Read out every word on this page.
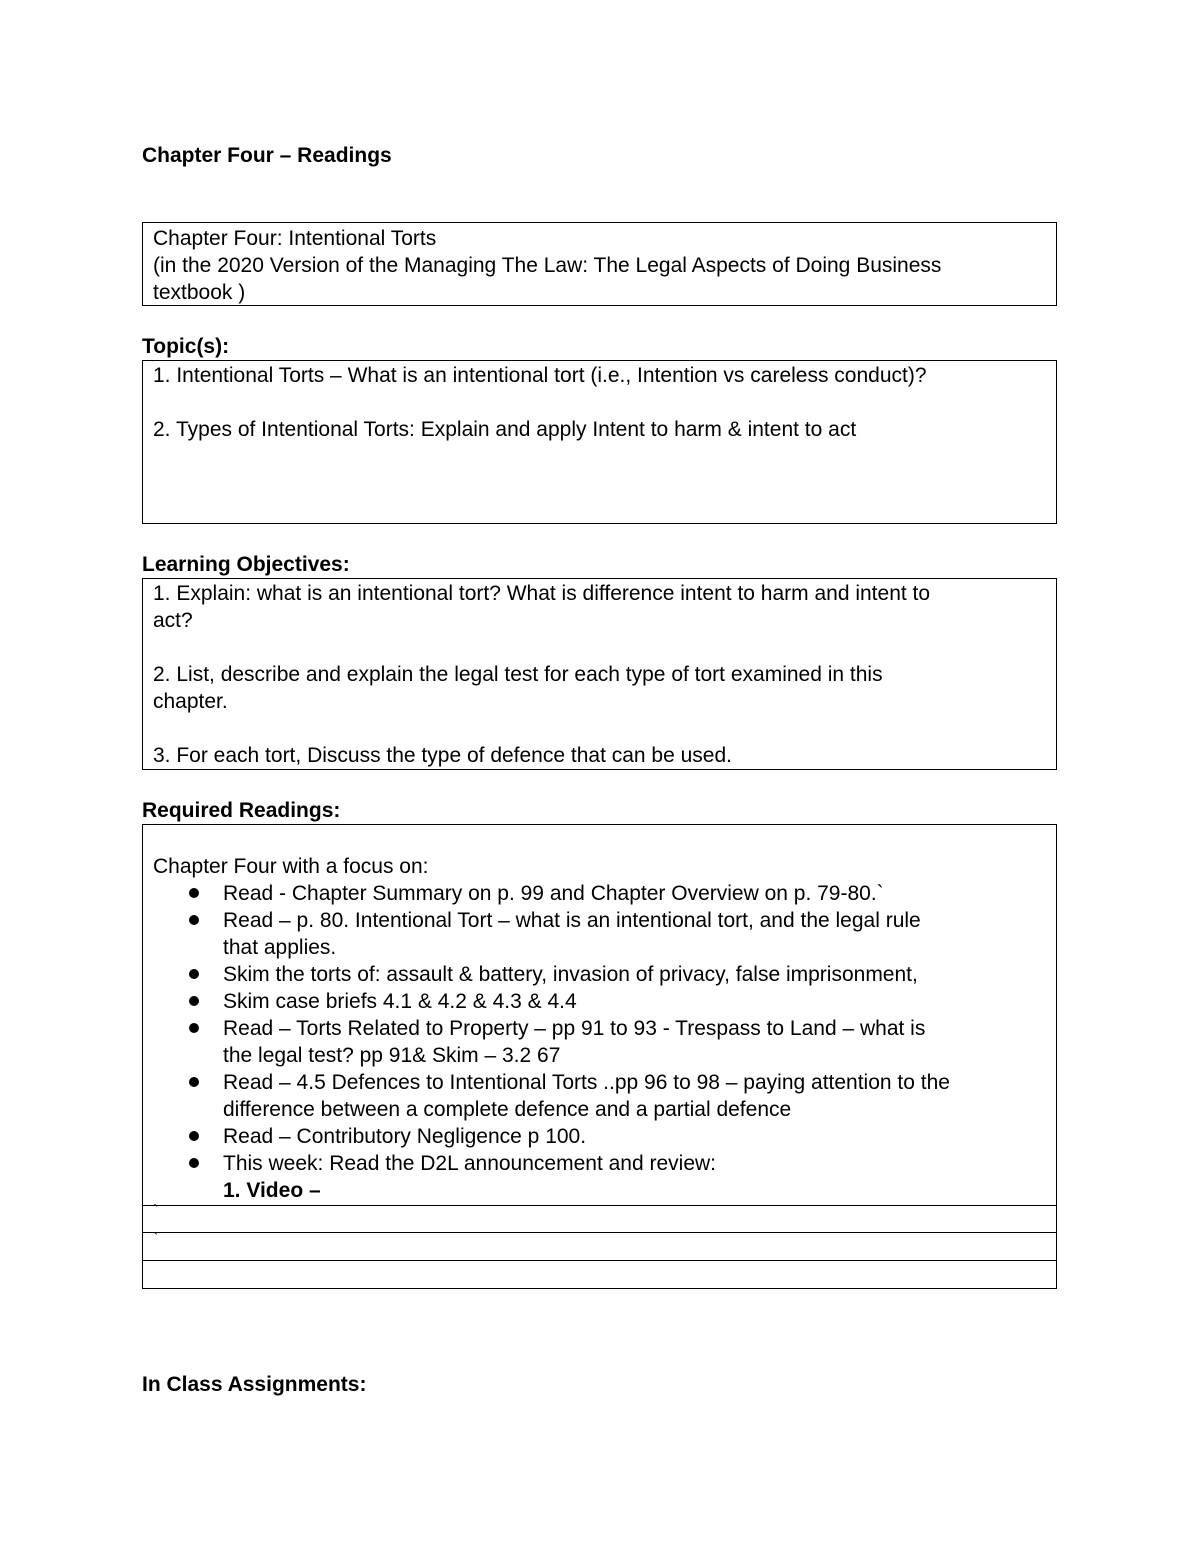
Chapter Four – Readings

Chapter Four: Intentional Torts

(in the 2020 Version of the Managing The Law: The Legal Aspects of Doing Business

textbook )

Topic(s):

1. Intentional Torts – What is an intentional tort (i.e., Intention vs careless conduct)?

2. Types of Intentional Torts: Explain and apply Intent to harm & intent to act

Learning Objectives:

1. Explain: what is an intentional tort? What is difference intent to harm and intent to

act?

2. List, describe and explain the legal test for each type of tort examined in this

chapter.

3. For each tort, Discuss the type of defence that can be used.

Required Readings:

Chapter Four with a focus on:

Read - Chapter Summary on p. 99 and Chapter Overview on p. 79-80.`
Read – p. 80. Intentional Tort – what is an intentional tort, and the legal rule
that applies.
Skim the torts of: assault & battery, invasion of privacy, false imprisonment,
Skim case briefs 4.1 & 4.2 & 4.3 & 4.4
Read – Torts Related to Property – pp 91 to 93 - Trespass to Land – what is
the legal test? pp 91& Skim – 3.2 67
Read – 4.5 Defences to Intentional Torts ..pp 96 to 98 – paying attention to the
difference between a complete defence and a partial defence
Read – Contributory Negligence p 100.
This week: Read the D2L announcement and review:

1. Video –

`
`
In Class Assignments:
